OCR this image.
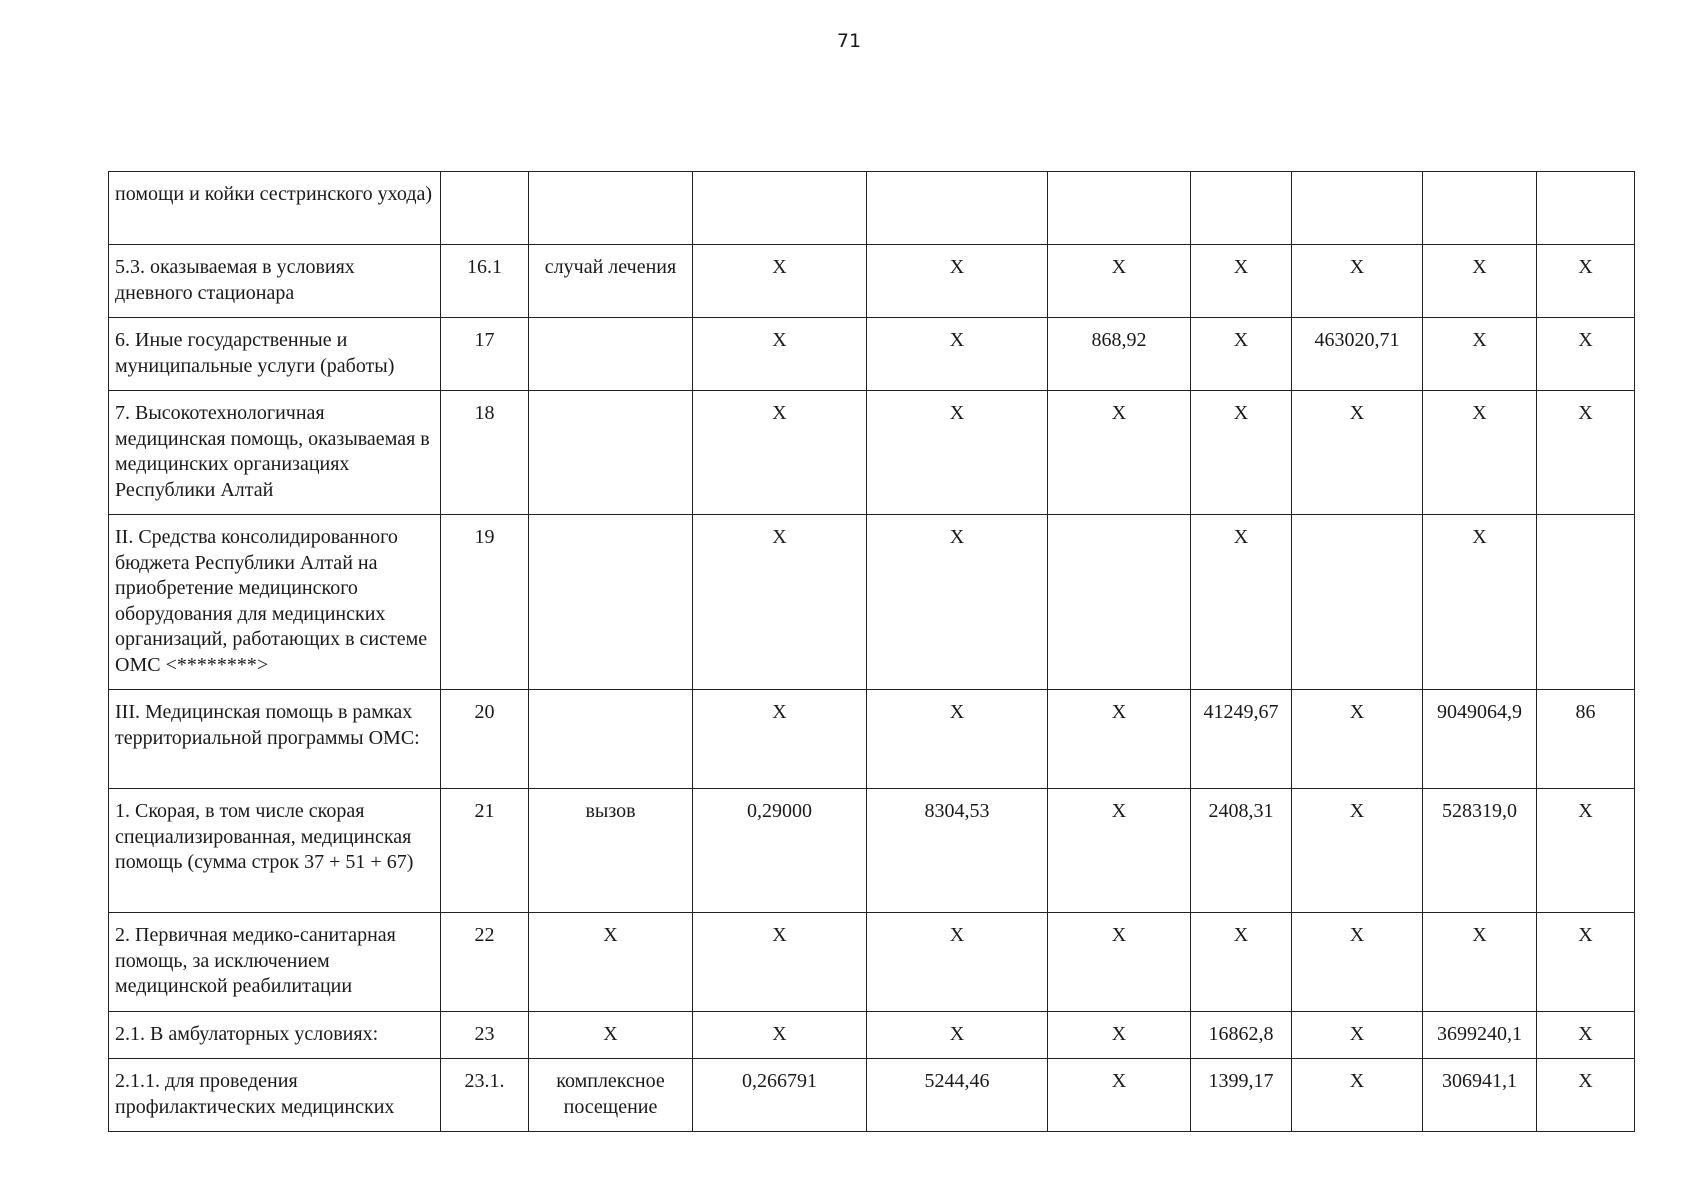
71
помощи и койки сестринского ухода)									
5.3. оказываемая в условиях дневного стационара	16.1	случай лечения	X	X	X	X	X	X	X
6. Иные государственные и муниципальные услуги (работы)	17		X	X	868,92	X	463020,71	X	X
7. Высокотехнологичная медицинская помощь, оказываемая в медицинских организациях Республики Алтай	18		X	X	X	X	X	X	X
II. Средства консолидированного бюджета Республики Алтай на приобретение медицинского оборудования для медицинских организаций, работающих в системе ОМС <********>	19		X	X		X		X	
III. Медицинская помощь в рамках территориальной программы ОМС:	20		X	X	X	41249,67	X	9049064,9	86
1. Скорая, в том числе скорая специализированная, медицинская помощь (сумма строк 37 + 51 + 67)	21	вызов	0,29000	8304,53	X	2408,31	X	528319,0	X
2. Первичная медико-санитарная помощь, за исключением медицинской реабилитации	22	X	X	X	X	X	X	X	X
2.1. В амбулаторных условиях:	23	X	X	X	X	16862,8	X	3699240,1	X
2.1.1. для проведения профилактических медицинских	23.1.	комплексное посещение	0,266791	5244,46	X	1399,17	X	306941,1	X
